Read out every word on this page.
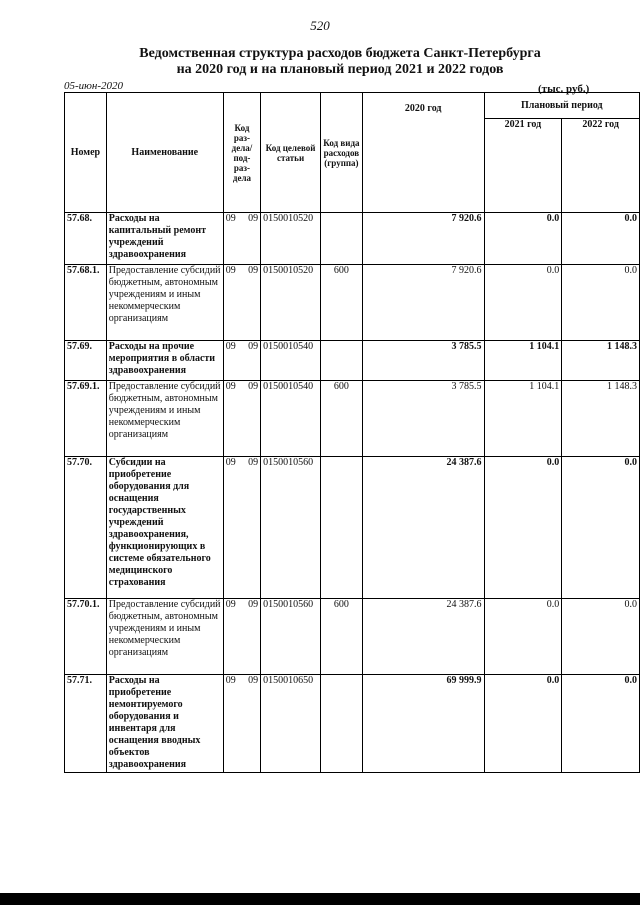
520
Ведомственная структура расходов бюджета Санкт-Петербурга
на 2020 год и на плановый период 2021 и 2022 годов
05-июн-2020	(тыс. руб.)
Номер	Наименование	Код раз- дела/ под- раз- дела	Код целевой статьи	Код вида расходов (группа)	2020 год	Плановый период	
						2021 год	2022 год
57.68.	Расходы на капитальный ремонт учреждений здравоохранения	09 09	0150010520		7 920.6	0.0	0.0
57.68.1.	Предоставление субсидий бюджетным, автономным учреждениям и иным некоммерческим организациям	09 09	0150010520	600	7 920.6	0.0	0.0
57.69.	Расходы на прочие мероприятия в области здравоохранения	09 09	0150010540		3 785.5	1 104.1	1 148.3
57.69.1.	Предоставление субсидий бюджетным, автономным учреждениям и иным некоммерческим организациям	09 09	0150010540	600	3 785.5	1 104.1	1 148.3
57.70.	Субсидии на приобретение оборудования для оснащения государственных учреждений здравоохранения, функционирующих в системе обязательного медицинского страхования	09 09	0150010560		24 387.6	0.0	0.0
57.70.1.	Предоставление субсидий бюджетным, автономным учреждениям и иным некоммерческим организациям	09 09	0150010560	600	24 387.6	0.0	0.0
57.71.	Расходы на приобретение немонтируемого оборудования и инвентаря для оснащения вводных объектов здравоохранения	09 09	0150010650		69 999.9	0.0	0.0
